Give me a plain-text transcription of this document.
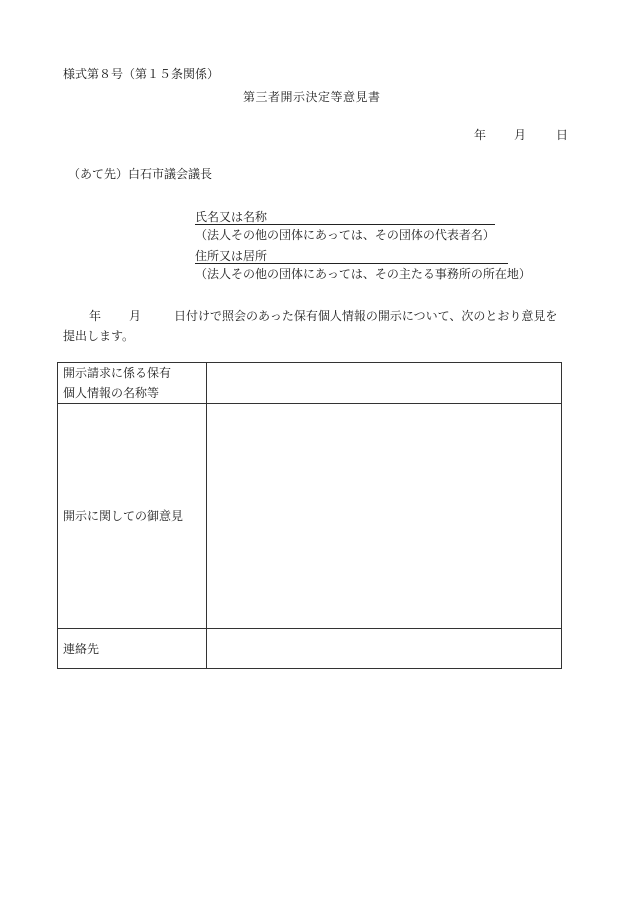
様式第８号（第１５条関係）
第三者開示決定等意見書
年	月	日
（あて先）白石市議会議長
氏名又は名称
（法人その他の団体にあっては、その団体の代表者名）
住所又は居所
（法人その他の団体にあっては、その主たる事務所の所在地）
年 月	日付けで照会のあった保有個人情報の開示について、次のとおり意見を提出します。
開示請求に係る保有
個人情報の名称等	

開示に関しての御意見	
連絡先	
